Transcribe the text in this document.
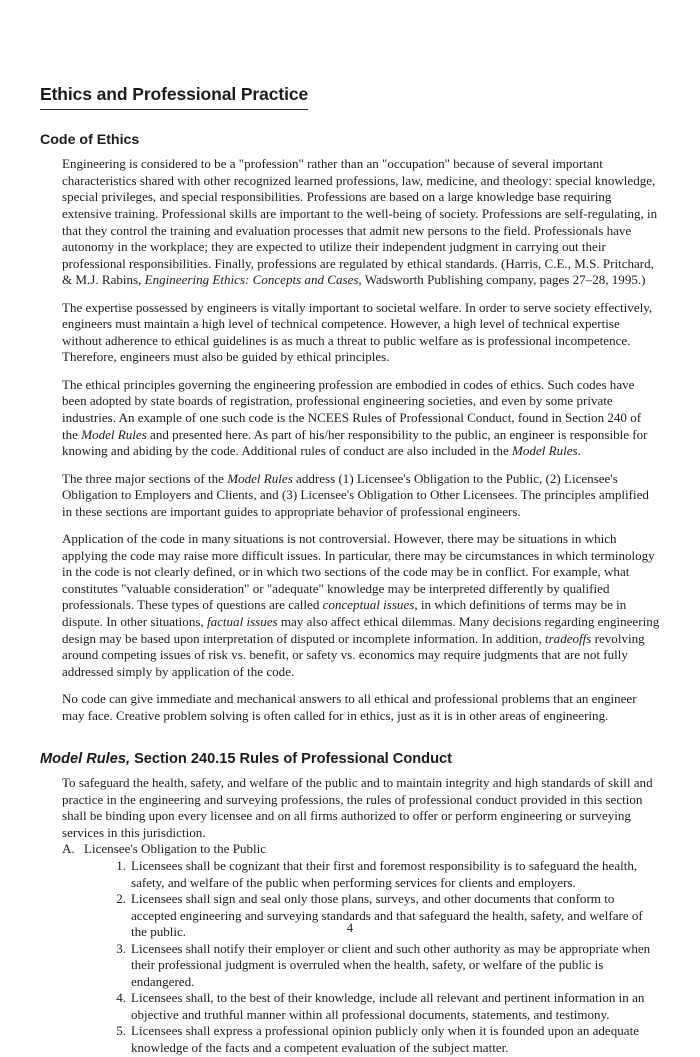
Ethics and Professional Practice
Code of Ethics

Engineering is considered to be a "profession" rather than an "occupation" because of several important characteristics shared with other recognized learned professions, law, medicine, and theology: special knowledge, special privileges, and special responsibilities. Professions are based on a large knowledge base requiring extensive training. Professional skills are important to the well-being of society. Professions are self-regulating, in that they control the training and evaluation processes that admit new persons to the field. Professionals have autonomy in the workplace; they are expected to utilize their independent judgment in carrying out their professional responsibilities. Finally, professions are regulated by ethical standards. (Harris, C.E., M.S. Pritchard, & M.J. Rabins, Engineering Ethics: Concepts and Cases, Wadsworth Publishing company, pages 27–28, 1995.)

The expertise possessed by engineers is vitally important to societal welfare. In order to serve society effectively, engineers must maintain a high level of technical competence. However, a high level of technical expertise without adherence to ethical guidelines is as much a threat to public welfare as is professional incompetence. Therefore, engineers must also be guided by ethical principles.

The ethical principles governing the engineering profession are embodied in codes of ethics. Such codes have been adopted by state boards of registration, professional engineering societies, and even by some private industries. An example of one such code is the NCEES Rules of Professional Conduct, found in Section 240 of the Model Rules and presented here. As part of his/her responsibility to the public, an engineer is responsible for knowing and abiding by the code. Additional rules of conduct are also included in the Model Rules.

The three major sections of the Model Rules address (1) Licensee's Obligation to the Public, (2) Licensee's Obligation to Employers and Clients, and (3) Licensee's Obligation to Other Licensees. The principles amplified in these sections are important guides to appropriate behavior of professional engineers.

Application of the code in many situations is not controversial. However, there may be situations in which applying the code may raise more difficult issues. In particular, there may be circumstances in which terminology in the code is not clearly defined, or in which two sections of the code may be in conflict. For example, what constitutes "valuable consideration" or "adequate" knowledge may be interpreted differently by qualified professionals. These types of questions are called conceptual issues, in which definitions of terms may be in dispute. In other situations, factual issues may also affect ethical dilemmas. Many decisions regarding engineering design may be based upon interpretation of disputed or incomplete information. In addition, tradeoffs revolving around competing issues of risk vs. benefit, or safety vs. economics may require judgments that are not fully addressed simply by application of the code.

No code can give immediate and mechanical answers to all ethical and professional problems that an engineer may face. Creative problem solving is often called for in ethics, just as it is in other areas of engineering.

Model Rules, Section 240.15 Rules of Professional Conduct

To safeguard the health, safety, and welfare of the public and to maintain integrity and high standards of skill and practice in the engineering and surveying professions, the rules of professional conduct provided in this section shall be binding upon every licensee and on all firms authorized to offer or perform engineering or surveying services in this jurisdiction.

A. Licensee's Obligation to the Public
1. Licensees shall be cognizant that their first and foremost responsibility is to safeguard the health, safety, and welfare of the public when performing services for clients and employers.
2. Licensees shall sign and seal only those plans, surveys, and other documents that conform to accepted engineering and surveying standards and that safeguard the health, safety, and welfare of the public.
3. Licensees shall notify their employer or client and such other authority as may be appropriate when their professional judgment is overruled when the health, safety, or welfare of the public is endangered.
4. Licensees shall, to the best of their knowledge, include all relevant and pertinent information in an objective and truthful manner within all professional documents, statements, and testimony.
5. Licensees shall express a professional opinion publicly only when it is founded upon an adequate knowledge of the facts and a competent evaluation of the subject matter.
4
